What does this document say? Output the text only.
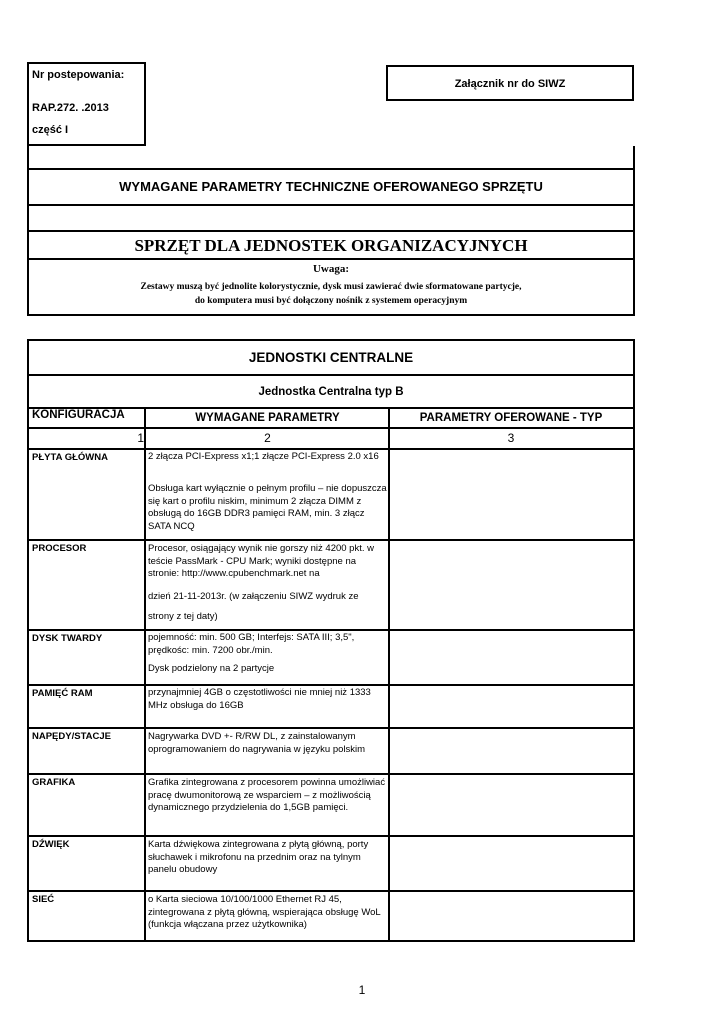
Nr postepowania:
RAP.272. .2013
część I
Załącznik nr do SIWZ
WYMAGANE PARAMETRY TECHNICZNE OFEROWANEGO SPRZĘTU
SPRZĘT DLA JEDNOSTEK ORGANIZACYJNYCH
Uwaga:
Zestawy muszą być jednolite kolorystycznie, dysk musi zawierać dwie sformatowane partycje,
do komputera musi być dołączony nośnik z systemem operacyjnym
JEDNOSTKI CENTRALNE
Jednostka Centralna typ B
KONFIGURACJA	WYMAGANE PARAMETRY	PARAMETRY OFEROWANE - TYP
1	2	3
PŁYTA GŁÓWNA	2 złącza PCI-Express x1;1 złącze PCI-Express 2.0 x16
Obsługa kart wyłącznie o pełnym profilu – nie dopuszcza się kart o profilu niskim, minimum 2 złącza DIMM z obsługą do 16GB DDR3 pamięci RAM, min. 3 złącz SATA NCQ
PROCESOR	Procesor, osiągający wynik nie gorszy niż 4200 pkt. w teście PassMark - CPU Mark; wyniki dostępne na stronie: http://www.cpubenchmark.net na
dzień 21-11-2013r. (w załączeniu SIWZ wydruk ze
strony z tej daty)
DYSK TWARDY	pojemność: min. 500 GB; Interfejs: SATA III; 3,5", prędkośc: min. 7200 obr./min.
Dysk podzielony na 2 partycje
PAMIĘĆ RAM	przynajmniej 4GB o częstotliwości nie mniej niż 1333 MHz obsługa do 16GB
NAPĘDY/STACJE	Nagrywarka DVD +- R/RW DL, z zainstalowanym oprogramowaniem do nagrywania w języku polskim
GRAFIKA	Grafika zintegrowana z procesorem powinna umożliwiać pracę dwumonitorową ze wsparciem – z możliwością dynamicznego przydzielenia do 1,5GB pamięci.
DŹWIĘK	Karta dźwiękowa zintegrowana z płytą główną, porty słuchawek i mikrofonu na przednim oraz na tylnym panelu obudowy
SIEĆ	o Karta sieciowa 10/100/1000 Ethernet RJ 45, zintegrowana z płytą główną, wspierająca obsługę WoL (funkcja włączana przez użytkownika)
1
